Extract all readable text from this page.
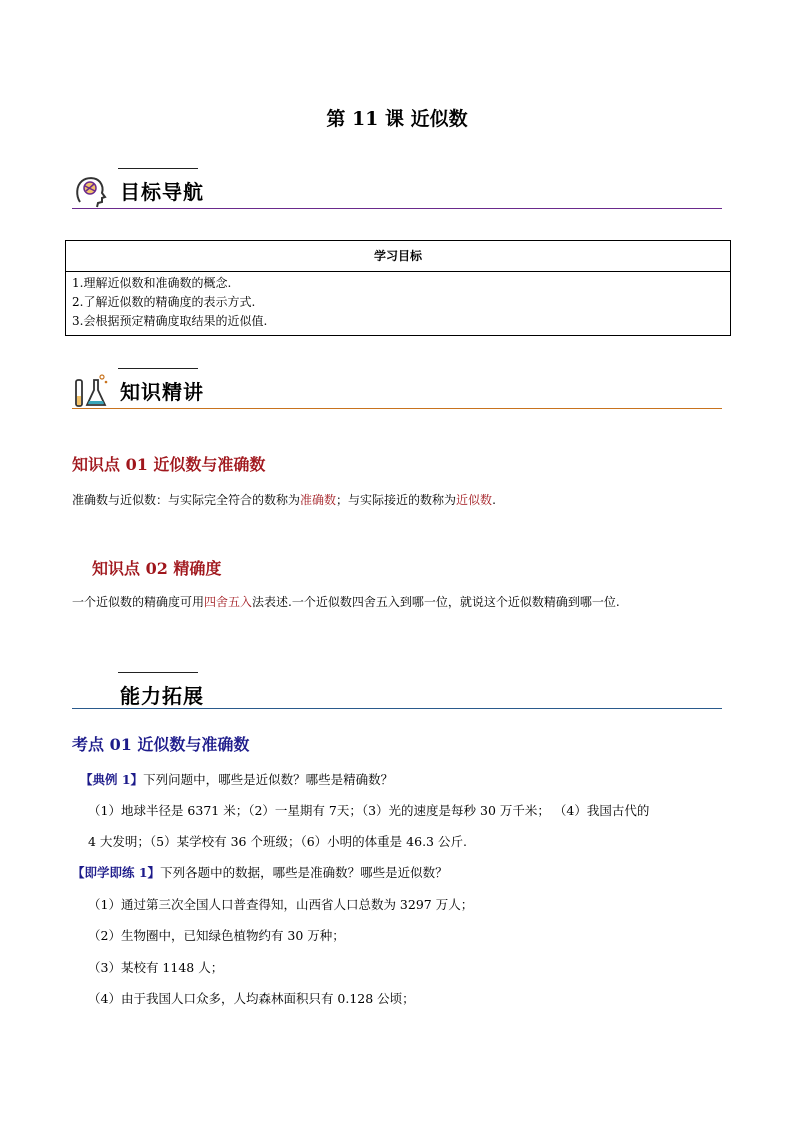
第 11 课 近似数
目标导航
学习目标
1.理解近似数和准确数的概念.
2.了解近似数的精确度的表示方式.
3.会根据预定精确度取结果的近似值.
知识精讲
知识点 01 近似数与准确数
准确数与近似数：与实际完全符合的数称为准确数；与实际接近的数称为近似数.
知识点 02 精确度
一个近似数的精确度可用四舍五入法表述.一个近似数四舍五入到哪一位，就说这个近似数精确到哪一位.
能力拓展
考点 01 近似数与准确数
【典例 1】下列问题中，哪些是近似数？哪些是精确数？
（1）地球半径是 6371 米；（2）一星期有 7天；（3）光的速度是每秒 30 万千米； （4）我国古代的
4 大发明；（5）某学校有 36 个班级；（6）小明的体重是 46.3 公斤.
【即学即练 1】下列各题中的数据，哪些是准确数？哪些是近似数？
（1）通过第三次全国人口普查得知，山西省人口总数为 3297 万人；
（2）生物圈中，已知绿色植物约有 30 万种；
（3）某校有 1148 人；
（4）由于我国人口众多，人均森林面积只有 0.128 公顷；
